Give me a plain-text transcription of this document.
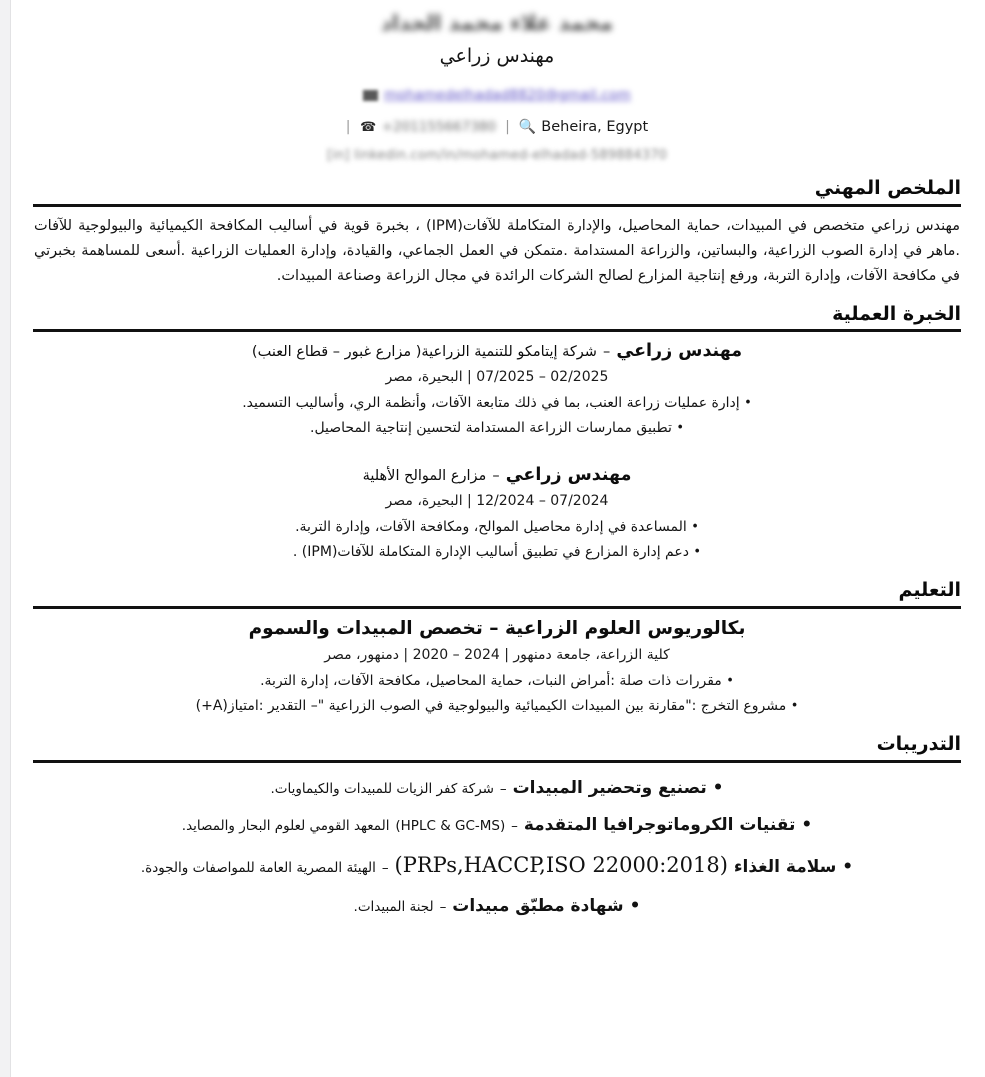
محمد علاء محمد الحداد
مهندس زراعي
mohamedelhadad8820@gmail.com
| ☎ +201155667380 | 🔍 Beheira, Egypt
[in] linkedin.com/in/mohamed-elhadad-589884370
الملخص المهني

مهندس زراعي متخصص في المبيدات، حماية المحاصيل، والإدارة المتكاملة للآفات(IPM) ، بخبرة قوية في أساليب المكافحة الكيميائية والبيولوجية للآفات .ماهر في إدارة الصوب الزراعية، والبساتين، والزراعة المستدامة .متمكن في العمل الجماعي، والقيادة، وإدارة العمليات الزراعية .أسعى للمساهمة بخبرتي في مكافحة الآفات، وإدارة التربة، ورفع إنتاجية المزارع لصالح الشركات الرائدة في مجال الزراعة وصناعة المبيدات.

الخبرة العملية
مهندس زراعي – شركة إيتامكو للتنمية الزراعية( مزارع غبور – قطاع العنب)
07/2025 – 02/2025 | البحيرة، مصر
• إدارة عمليات زراعة العنب، بما في ذلك متابعة الآفات، وأنظمة الري، وأساليب التسميد.
• تطبيق ممارسات الزراعة المستدامة لتحسين إنتاجية المحاصيل.
مهندس زراعي – مزارع الموالح الأهلية
12/2024 – 07/2024 | البحيرة، مصر
• المساعدة في إدارة محاصيل الموالح، ومكافحة الآفات، وإدارة التربة.
• دعم إدارة المزارع في تطبيق أساليب الإدارة المتكاملة للآفات(IPM) .
التعليم
بكالوريوس العلوم الزراعية – تخصص المبيدات والسموم
كلية الزراعة، جامعة دمنهور | 2024 – 2020 | دمنهور، مصر
• مقررات ذات صلة :أمراض النبات، حماية المحاصيل، مكافحة الآفات، إدارة التربة.
• مشروع التخرج :"مقارنة بين المبيدات الكيميائية والبيولوجية في الصوب الزراعية "– التقدير :امتياز(A+)
التدريبات
• تصنيع وتحضير المبيدات – شركة كفر الزيات للمبيدات والكيماويات.
• تقنيات الكروماتوجرافيا المتقدمة – (HPLC & GC-MS) المعهد القومي لعلوم البحار والمصايد.
• سلامة الغذاء (PRPs,HACCP,ISO 22000:2018) – الهيئة المصرية العامة للمواصفات والجودة.
• شهادة مطبّق مبيدات – لجنة المبيدات.
